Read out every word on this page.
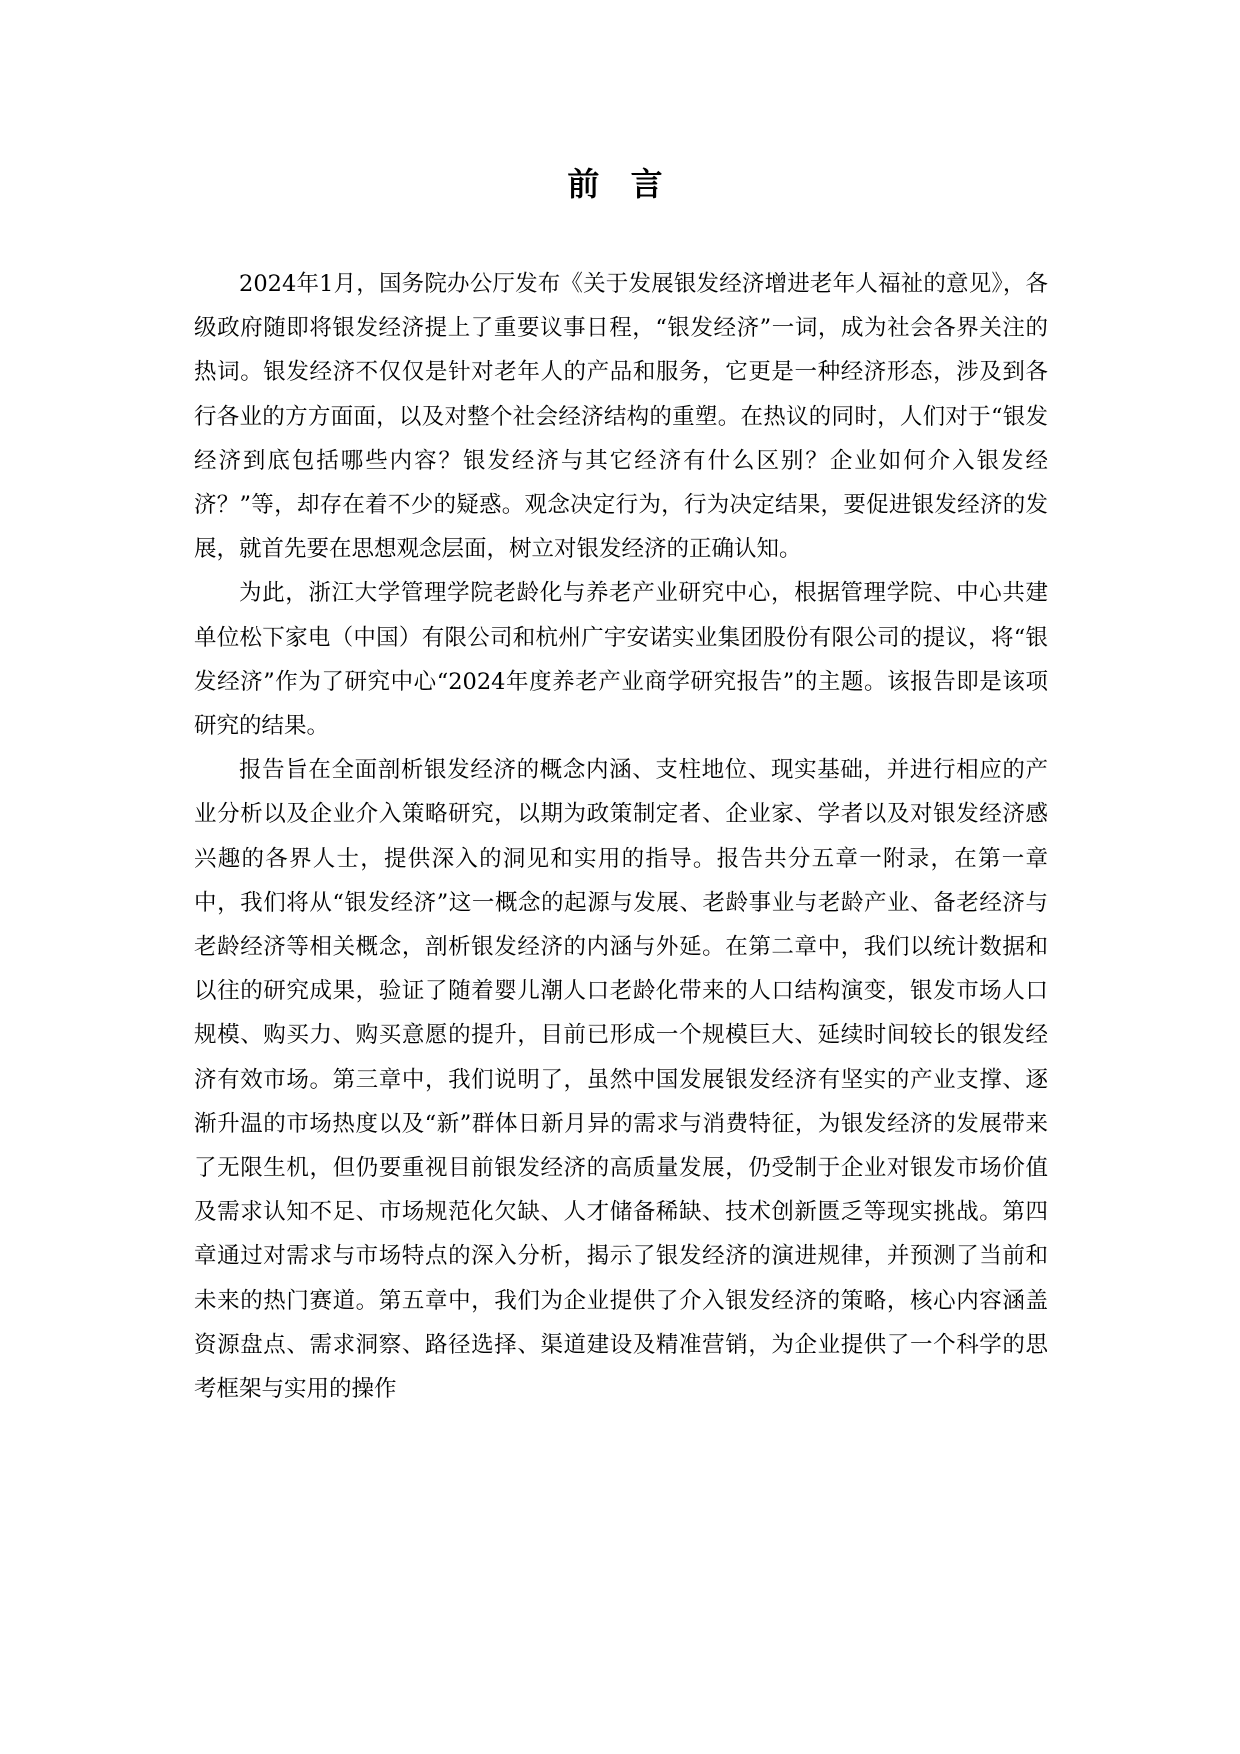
前 言

2024年1月，国务院办公厅发布《关于发展银发经济增进老年人福祉的意见》，各级政府随即将银发经济提上了重要议事日程，“银发经济”一词，成为社会各界关注的热词。银发经济不仅仅是针对老年人的产品和服务，它更是一种经济形态，涉及到各行各业的方方面面，以及对整个社会经济结构的重塑。在热议的同时，人们对于“银发经济到底包括哪些内容？银发经济与其它经济有什么区别？企业如何介入银发经济？”等，却存在着不少的疑惑。观念决定行为，行为决定结果，要促进银发经济的发展，就首先要在思想观念层面，树立对银发经济的正确认知。

为此，浙江大学管理学院老龄化与养老产业研究中心，根据管理学院、中心共建单位松下家电（中国）有限公司和杭州广宇安诺实业集团股份有限公司的提议，将“银发经济”作为了研究中心“2024年度养老产业商学研究报告”的主题。该报告即是该项研究的结果。

报告旨在全面剖析银发经济的概念内涵、支柱地位、现实基础，并进行相应的产业分析以及企业介入策略研究，以期为政策制定者、企业家、学者以及对银发经济感兴趣的各界人士，提供深入的洞见和实用的指导。报告共分五章一附录，在第一章中，我们将从“银发经济”这一概念的起源与发展、老龄事业与老龄产业、备老经济与老龄经济等相关概念，剖析银发经济的内涵与外延。在第二章中，我们以统计数据和以往的研究成果，验证了随着婴儿潮人口老龄化带来的人口结构演变，银发市场人口规模、购买力、购买意愿的提升，目前已形成一个规模巨大、延续时间较长的银发经济有效市场。第三章中，我们说明了，虽然中国发展银发经济有坚实的产业支撑、逐渐升温的市场热度以及“新”群体日新月异的需求与消费特征，为银发经济的发展带来了无限生机，但仍要重视目前银发经济的高质量发展，仍受制于企业对银发市场价值及需求认知不足、市场规范化欠缺、人才储备稀缺、技术创新匮乏等现实挑战。第四章通过对需求与市场特点的深入分析，揭示了银发经济的演进规律，并预测了当前和未来的热门赛道。第五章中，我们为企业提供了介入银发经济的策略，核心内容涵盖资源盘点、需求洞察、路径选择、渠道建设及精准营销，为企业提供了一个科学的思考框架与实用的操作
